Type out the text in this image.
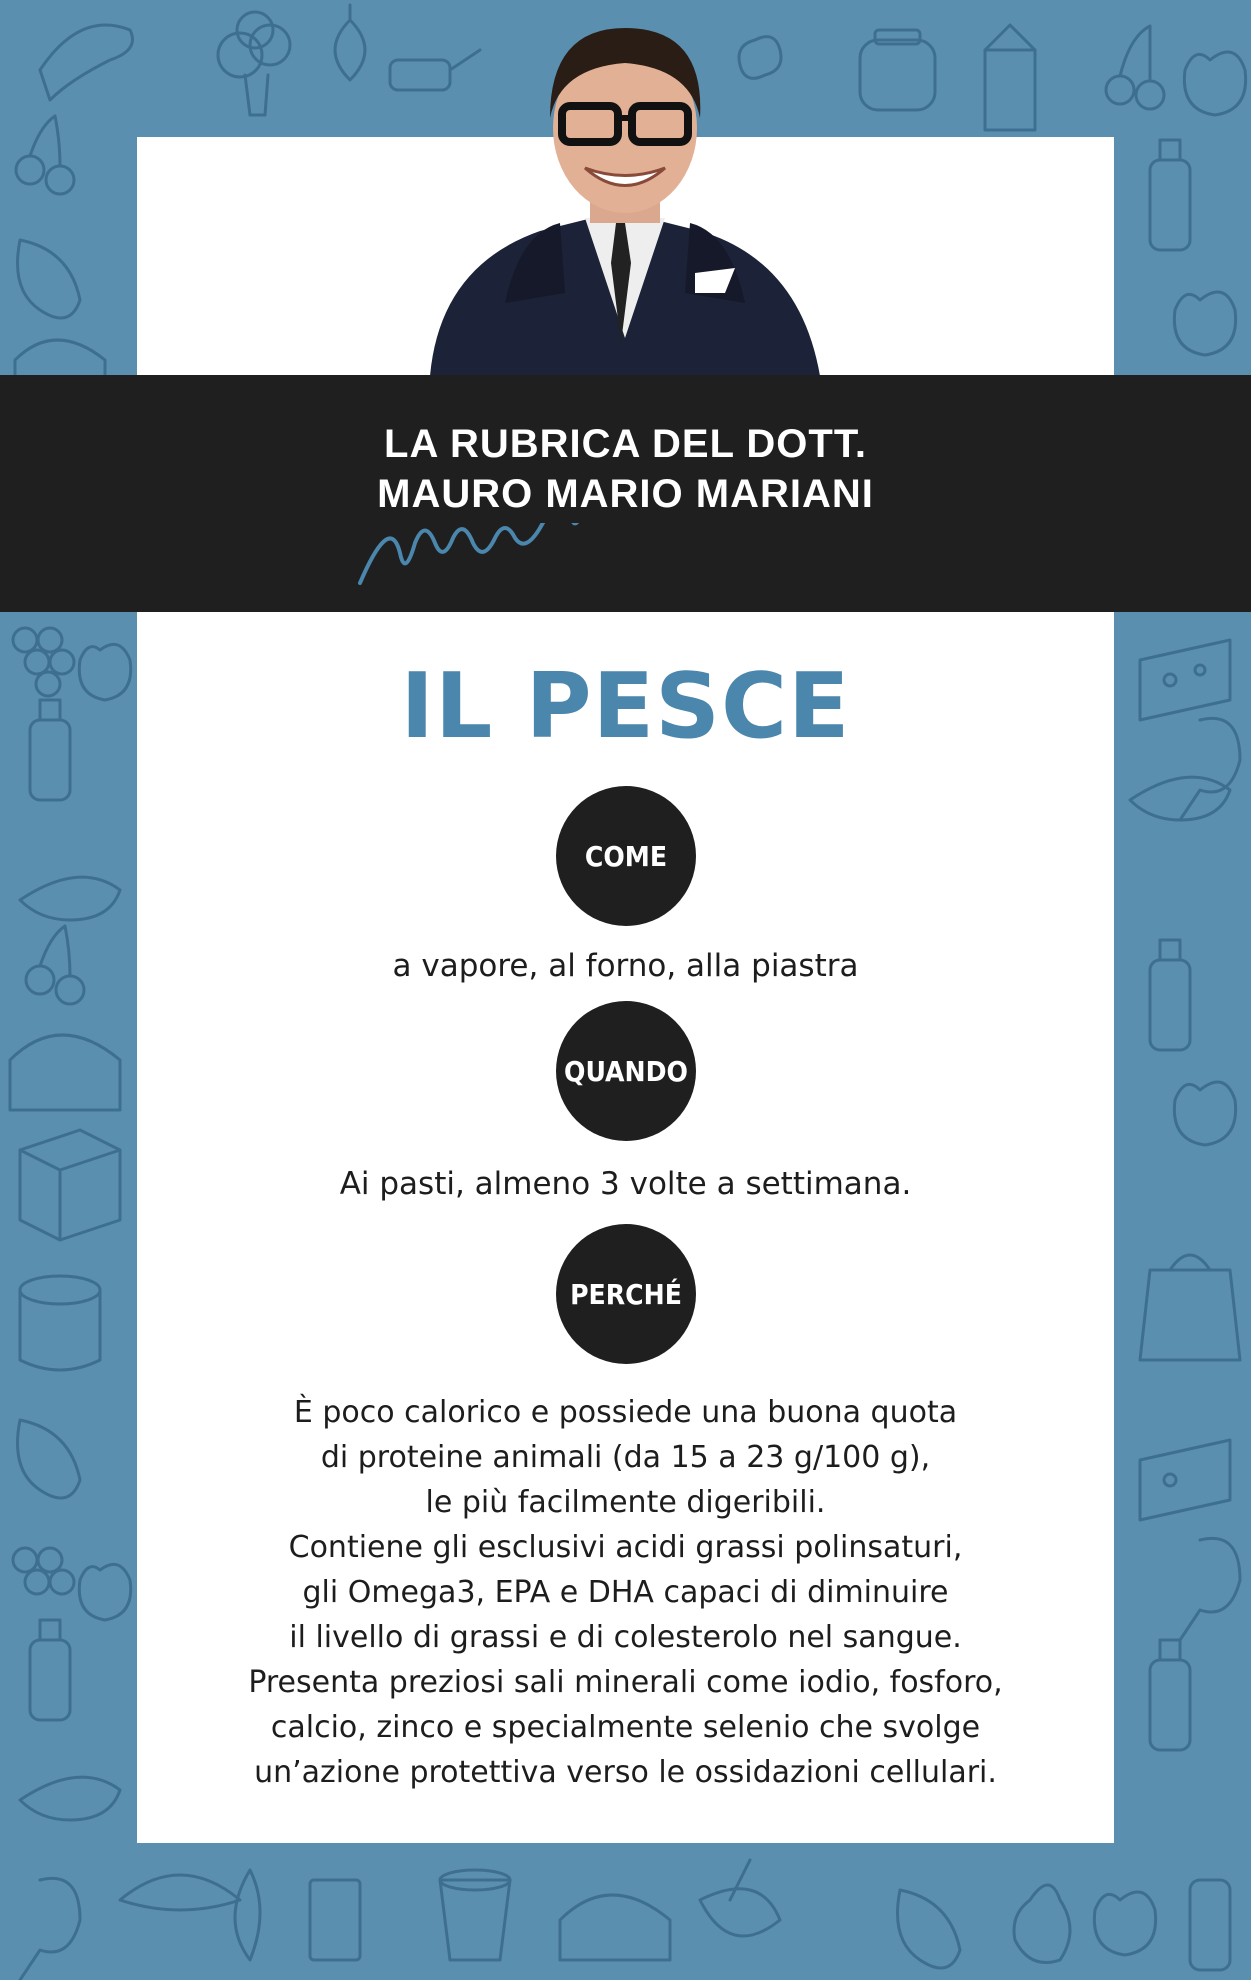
LA RUBRICA DEL DOTT.
MAURO MARIO MARIANI
IL PESCE
COME
a vapore, al forno, alla piastra
QUANDO
Ai pasti, almeno 3 volte a settimana.
PERCHÉ
È poco calorico e possiede una buona quota
di proteine animali (da 15 a 23 g/100 g),
le più facilmente digeribili.
Contiene gli esclusivi acidi grassi polinsaturi,
gli Omega3, EPA e DHA capaci di diminuire
il livello di grassi e di colesterolo nel sangue.
Presenta preziosi sali minerali come iodio, fosforo,
calcio, zinco e specialmente selenio che svolge
un’azione protettiva verso le ossidazioni cellulari.
